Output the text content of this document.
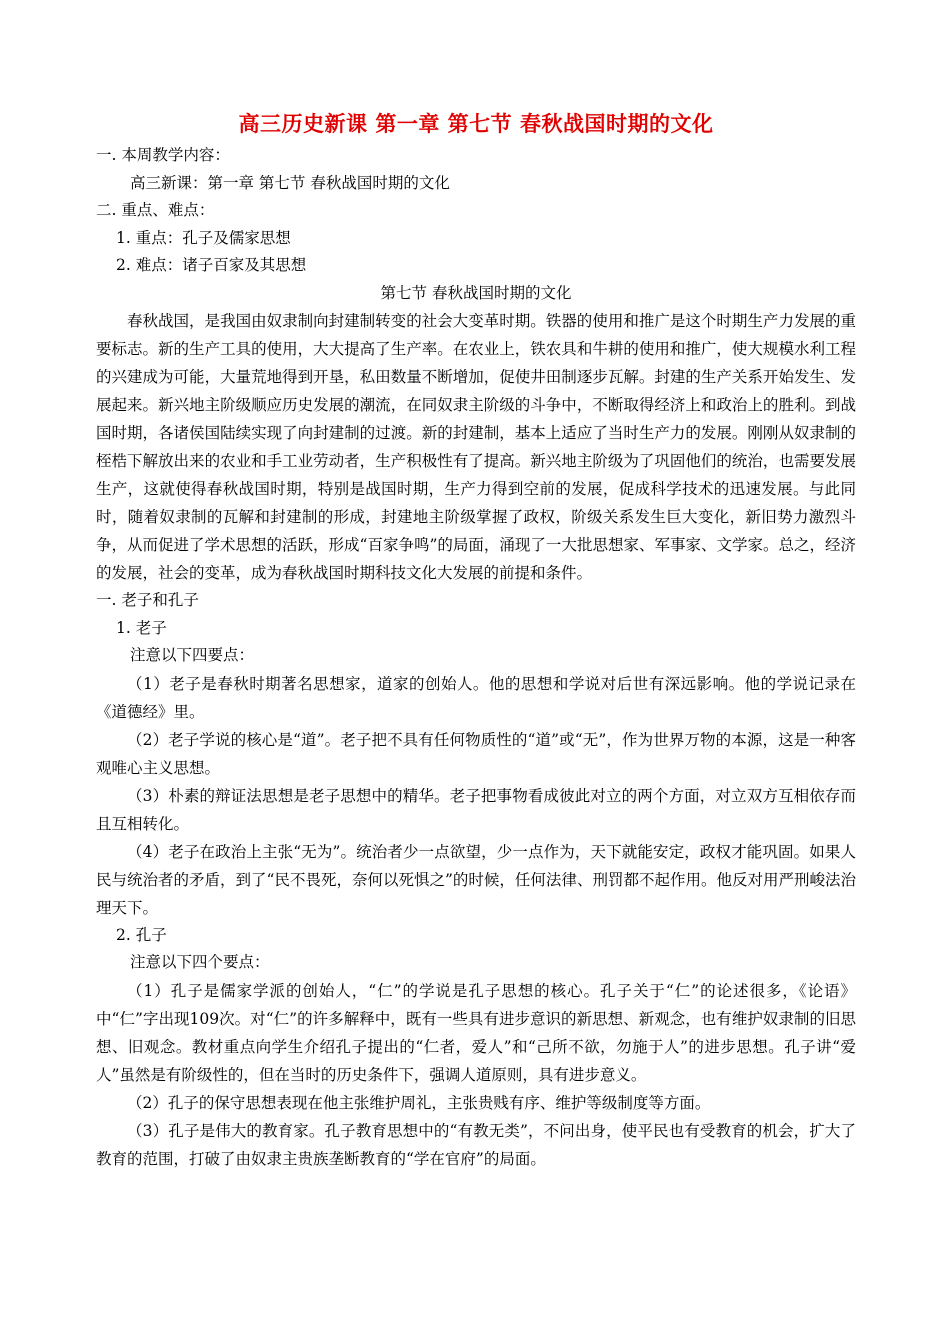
高三历史新课 第一章 第七节 春秋战国时期的文化

一. 本周教学内容：

高三新课：第一章 第七节 春秋战国时期的文化

二. 重点、难点：

1. 重点：孔子及儒家思想

2. 难点：诸子百家及其思想

第七节 春秋战国时期的文化

春秋战国，是我国由奴隶制向封建制转变的社会大变革时期。铁器的使用和推广是这个时期生产力发展的重要标志。新的生产工具的使用，大大提高了生产率。在农业上，铁农具和牛耕的使用和推广，使大规模水利工程的兴建成为可能，大量荒地得到开垦，私田数量不断增加，促使井田制逐步瓦解。封建的生产关系开始发生、发展起来。新兴地主阶级顺应历史发展的潮流，在同奴隶主阶级的斗争中，不断取得经济上和政治上的胜利。到战国时期，各诸侯国陆续实现了向封建制的过渡。新的封建制，基本上适应了当时生产力的发展。刚刚从奴隶制的桎梏下解放出来的农业和手工业劳动者，生产积极性有了提高。新兴地主阶级为了巩固他们的统治，也需要发展生产，这就使得春秋战国时期，特别是战国时期，生产力得到空前的发展，促成科学技术的迅速发展。与此同时，随着奴隶制的瓦解和封建制的形成，封建地主阶级掌握了政权，阶级关系发生巨大变化，新旧势力激烈斗争，从而促进了学术思想的活跃，形成“百家争鸣”的局面，涌现了一大批思想家、军事家、文学家。总之，经济的发展，社会的变革，成为春秋战国时期科技文化大发展的前提和条件。

一. 老子和孔子

1. 老子

注意以下四要点：

（1）老子是春秋时期著名思想家，道家的创始人。他的思想和学说对后世有深远影响。他的学说记录在《道德经》里。

（2）老子学说的核心是“道”。老子把不具有任何物质性的“道”或“无”，作为世界万物的本源，这是一种客观唯心主义思想。

（3）朴素的辩证法思想是老子思想中的精华。老子把事物看成彼此对立的两个方面，对立双方互相依存而且互相转化。

（4）老子在政治上主张“无为”。统治者少一点欲望，少一点作为，天下就能安定，政权才能巩固。如果人民与统治者的矛盾，到了“民不畏死，奈何以死惧之”的时候，任何法律、刑罚都不起作用。他反对用严刑峻法治理天下。

2. 孔子

注意以下四个要点：

（1）孔子是儒家学派的创始人，“仁”的学说是孔子思想的核心。孔子关于“仁”的论述很多，《论语》中“仁”字出现109次。对“仁”的许多解释中，既有一些具有进步意识的新思想、新观念，也有维护奴隶制的旧思想、旧观念。教材重点向学生介绍孔子提出的“仁者，爱人”和“己所不欲，勿施于人”的进步思想。孔子讲“爱人”虽然是有阶级性的，但在当时的历史条件下，强调人道原则，具有进步意义。

（2）孔子的保守思想表现在他主张维护周礼，主张贵贱有序、维护等级制度等方面。

（3）孔子是伟大的教育家。孔子教育思想中的“有教无类”，不问出身，使平民也有受教育的机会，扩大了教育的范围，打破了由奴隶主贵族垄断教育的“学在官府”的局面。
